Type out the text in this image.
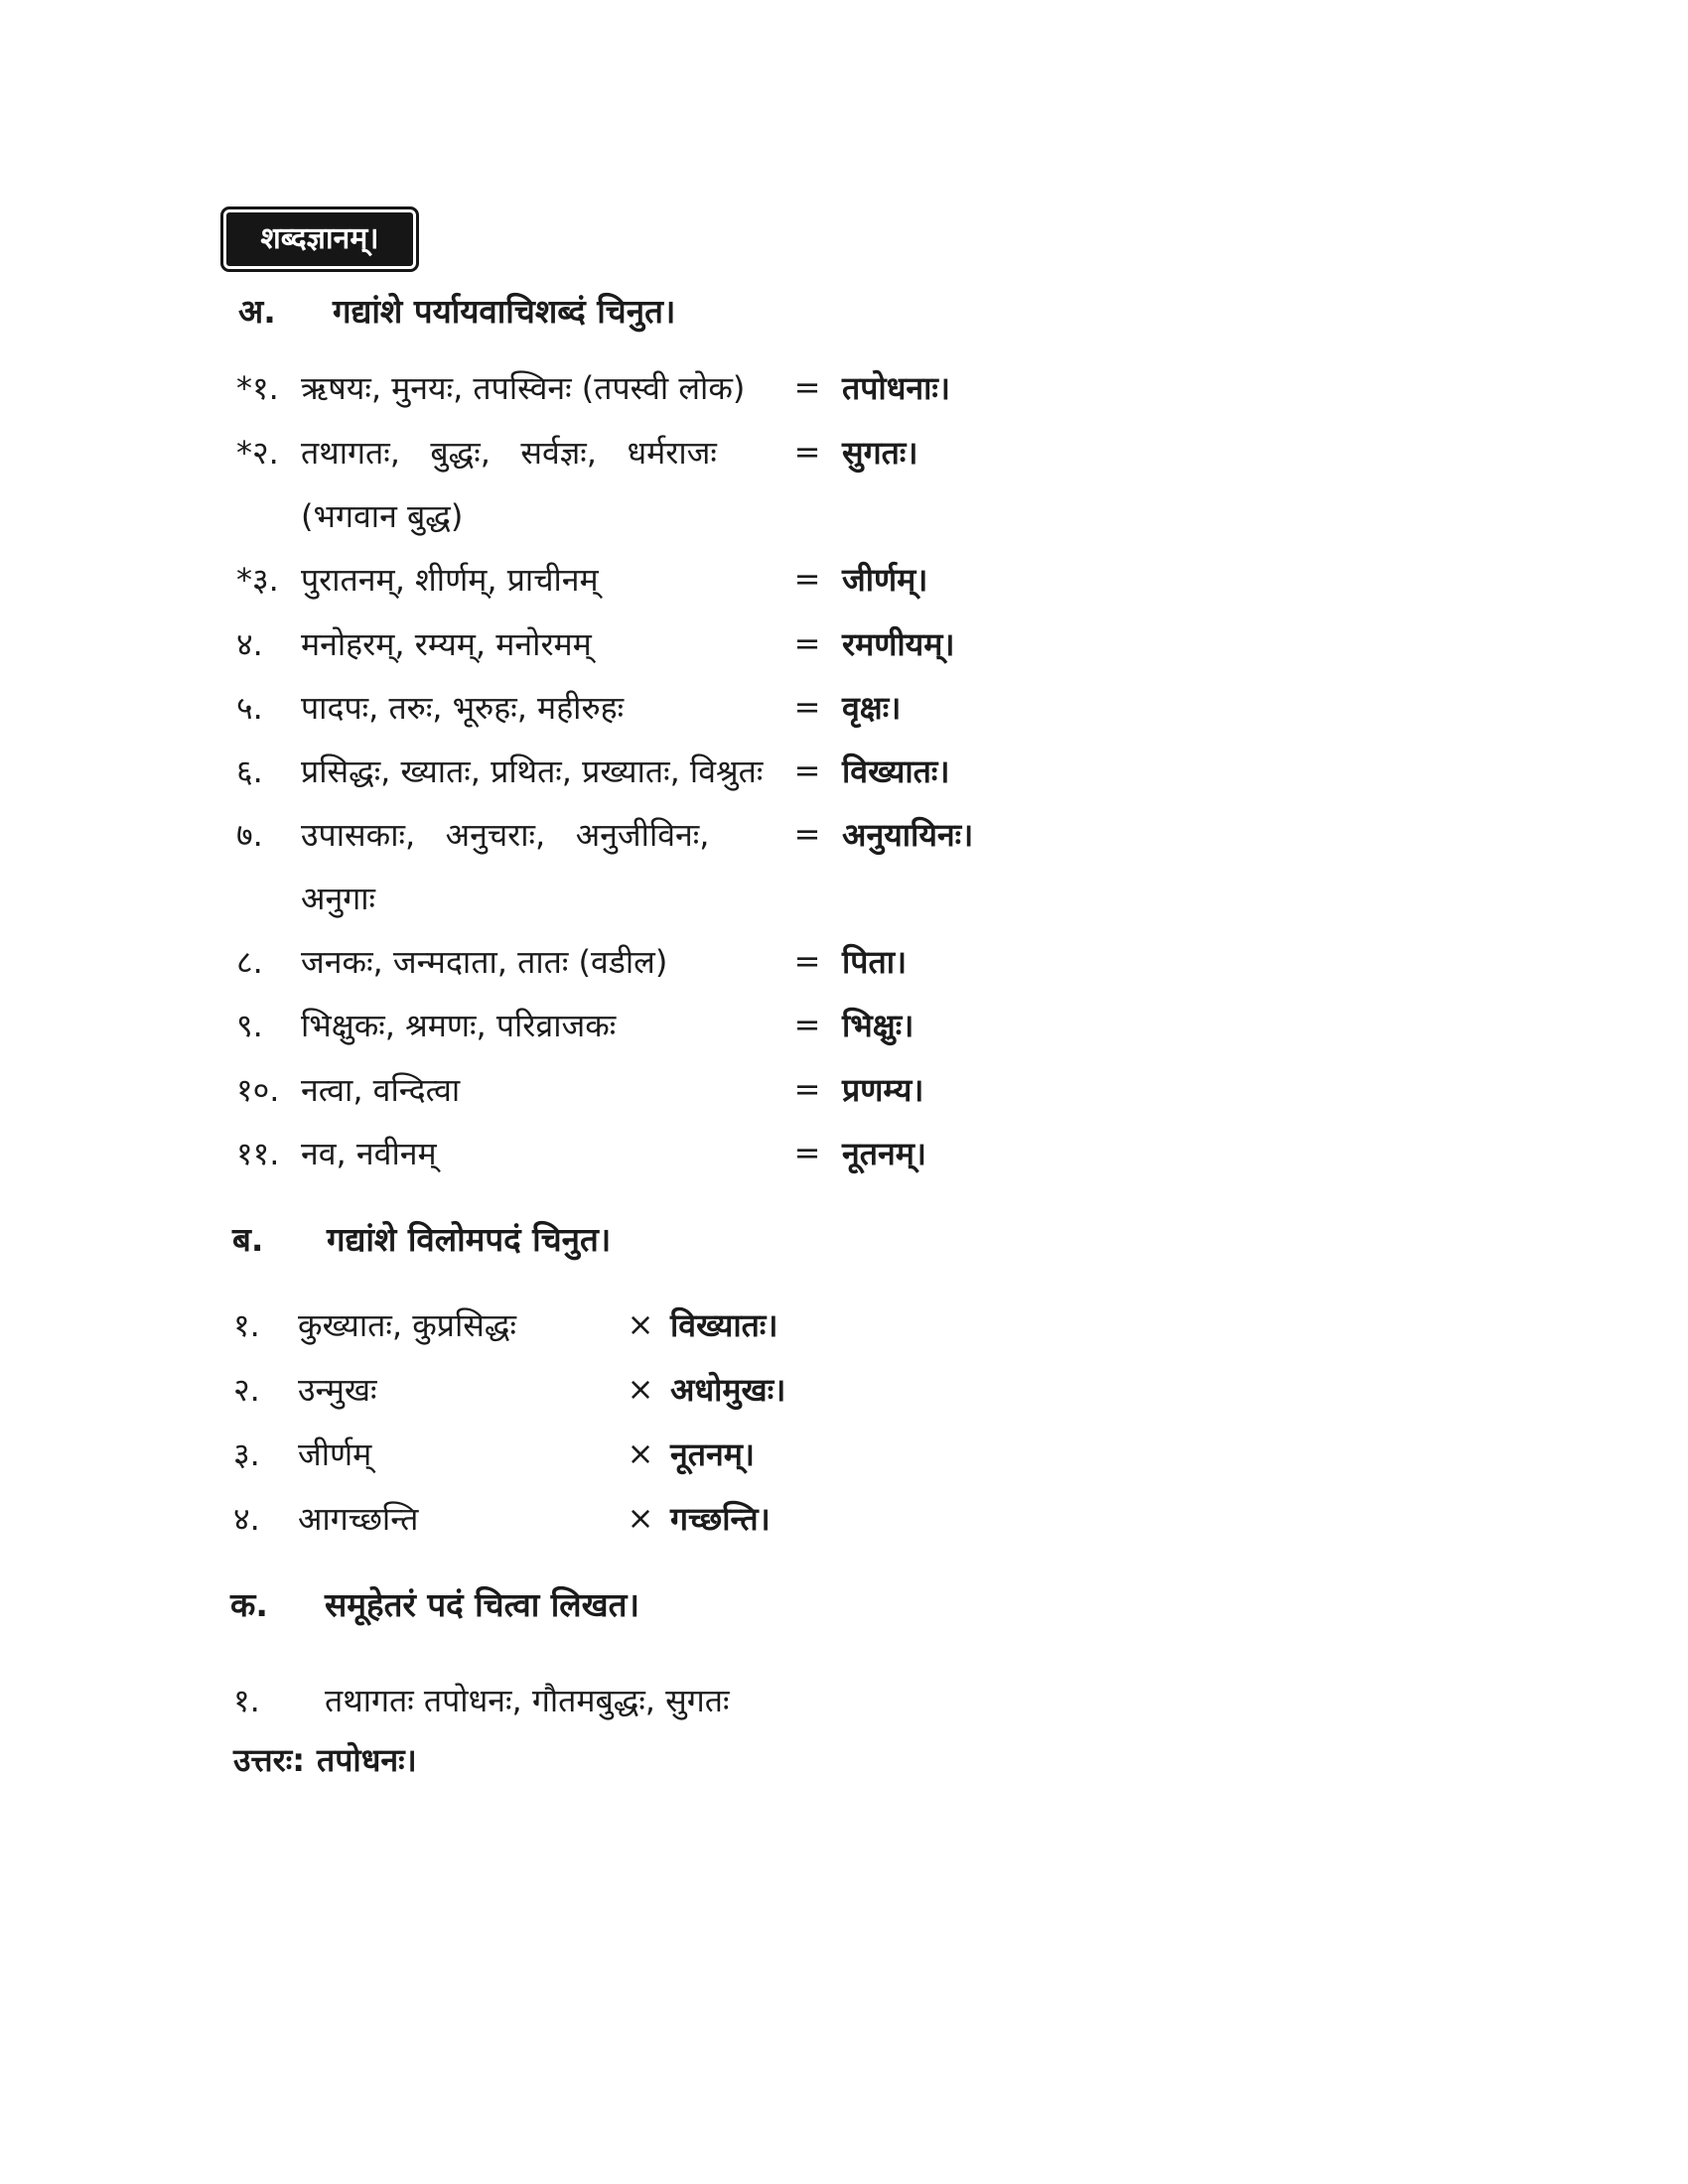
शब्दज्ञानम्।
अ.	गद्यांशे पर्यायवाचिशब्दं चिनुत।
*१. ऋषयः, मुनयः, तपस्विनः (तपस्वी लोक) = तपोधनाः।
*२. तथागतः,   बुद्धः,   सर्वज्ञः,   धर्मराजः = सुगतः।
(भगवान बुद्ध)
*३. पुरातनम्, शीर्णम्, प्राचीनम्	= जीर्णम्।
४.	मनोहरम्, रम्यम्, मनोरमम्	= रमणीयम्।
५.	पादपः, तरुः, भूरुहः, महीरुहः	= वृक्षः।
६.	प्रसिद्धः, ख्यातः, प्रथितः, प्रख्यातः, विश्रुतः = विख्यातः।
७.	उपासकाः,   अनुचराः,   अनुजीविनः,	= अनुयायिनः।
अनुगाः
८.	जनकः, जन्मदाता, तातः (वडील)	= पिता।
९.	भिक्षुकः, श्रमणः, परिव्राजकः	= भिक्षुः।
१०. नत्वा, वन्दित्वा	= प्रणम्य।
११. नव, नवीनम्	= नूतनम्।
ब.	गद्यांशे विलोमपदं चिनुत।
१.	कुख्यातः, कुप्रसिद्धः	× विख्यातः।
२.	उन्मुखः	× अधोमुखः।
३.	जीर्णम्	× नूतनम्।
४.	आगच्छन्ति	× गच्छन्ति।
क.	समूहेतरं पदं चित्वा लिखत।
१.	तथागतः तपोधनः, गौतमबुद्धः, सुगतः
उत्तरः: तपोधनः।
